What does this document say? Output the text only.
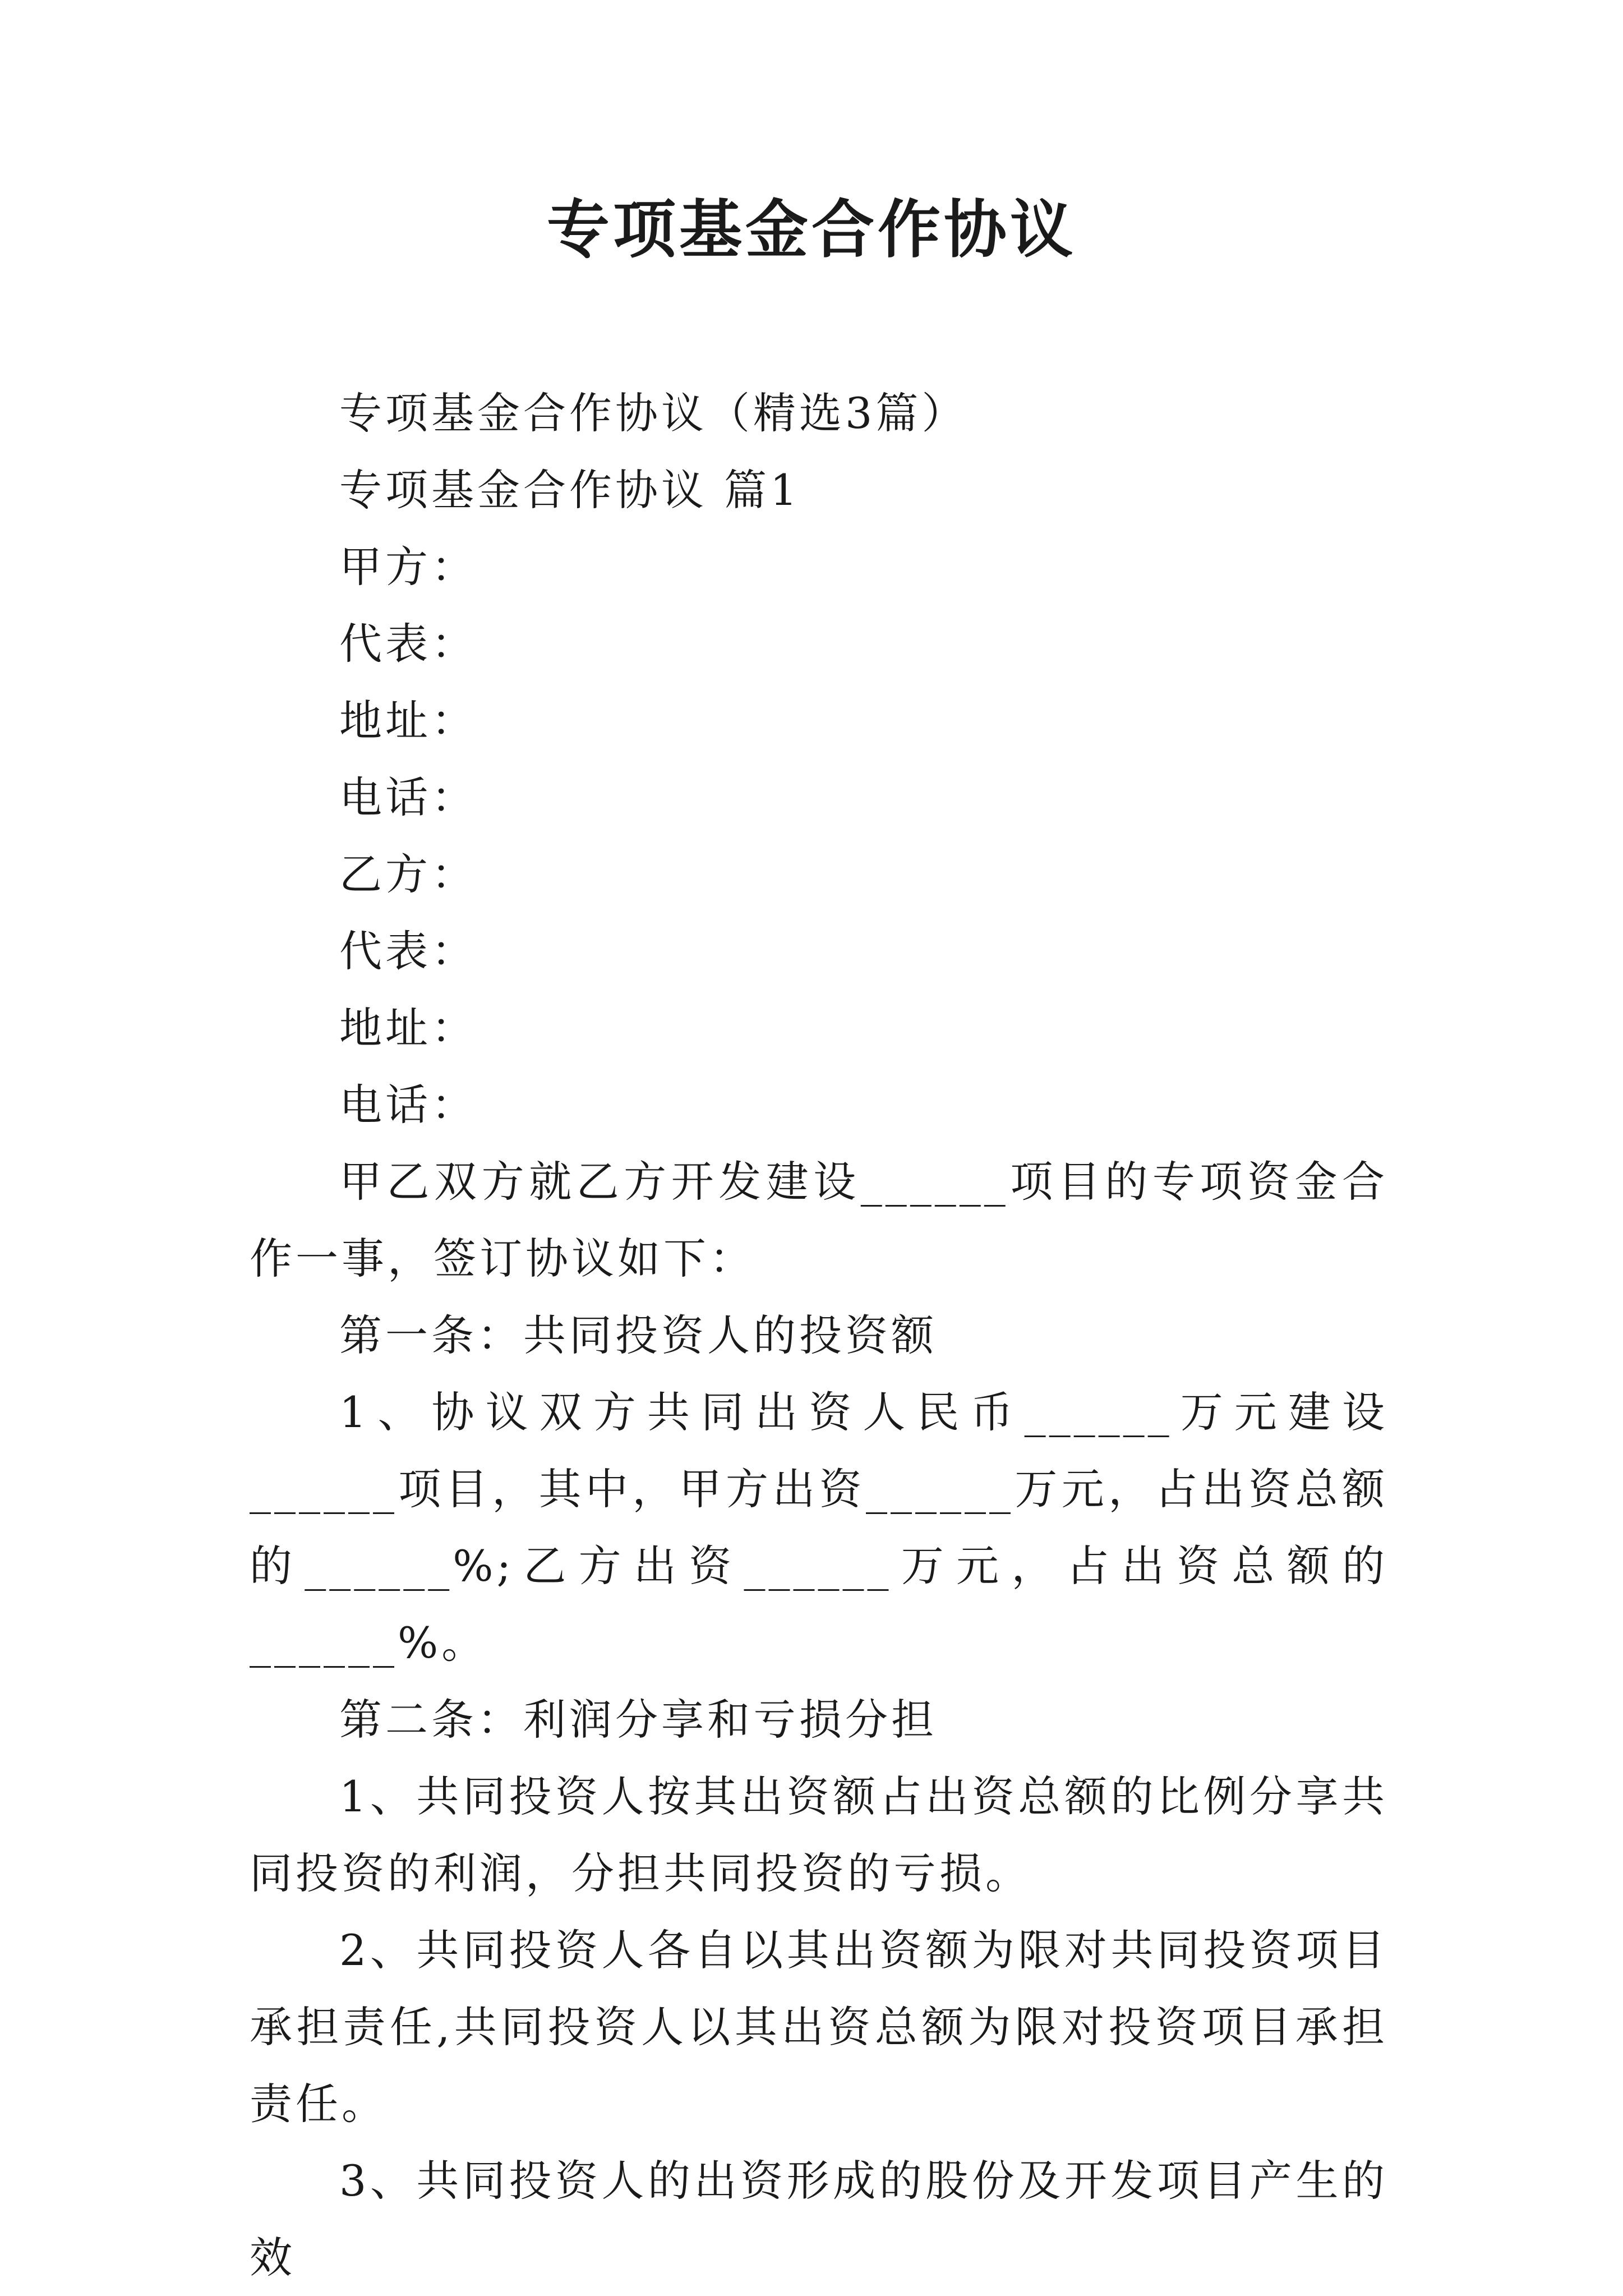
专项基金合作协议

专项基金合作协议（精选3篇）

专项基金合作协议 篇1

甲方：

代表：

地址：

电话：

乙方：

代表：

地址：

电话：

甲乙双方就乙方开发建设______项目的专项资金合作一事，签订协议如下：

第一条：共同投资人的投资额

1、协议双方共同出资人民币______万元建设______项目，其中，甲方出资______万元，占出资总额的______%;乙方出资______万元，占出资总额的______%。

第二条：利润分享和亏损分担

1、共同投资人按其出资额占出资总额的比例分享共同投资的利润，分担共同投资的亏损。

2、共同投资人各自以其出资额为限对共同投资项目承担责任,共同投资人以其出资总额为限对投资项目承担责任。

3、共同投资人的出资形成的股份及开发项目产生的效
